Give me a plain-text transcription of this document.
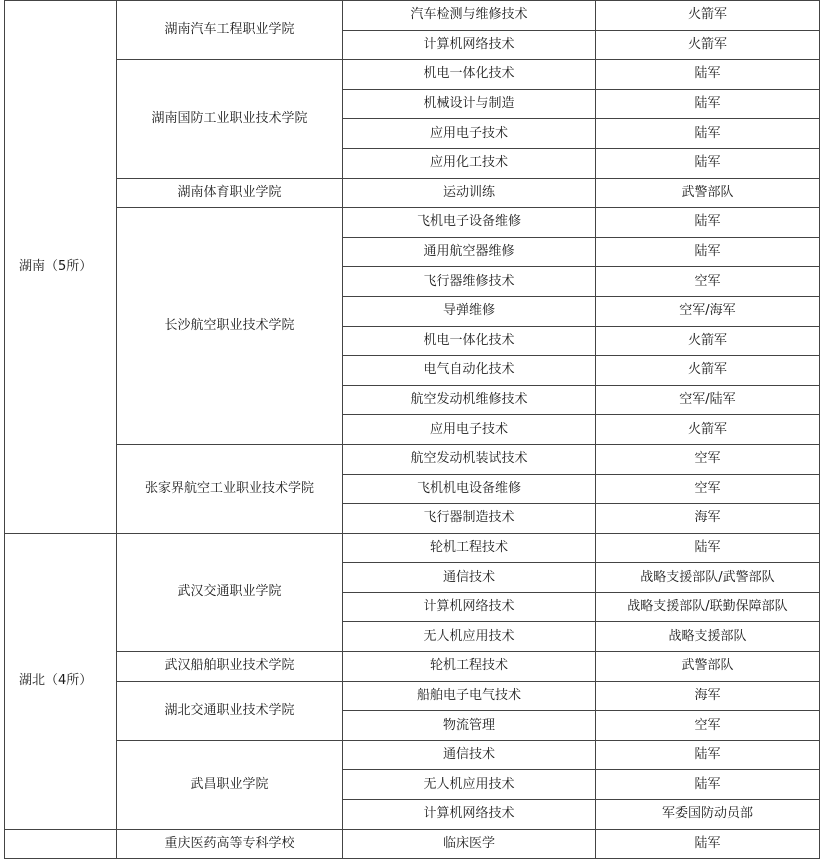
湖南（5所）	湖南汽车工程职业学院	汽车检测与维修技术	火箭军
		计算机网络技术	火箭军
	湖南国防工业职业技术学院	机电一体化技术	陆军
		机械设计与制造	陆军
		应用电子技术	陆军
		应用化工技术	陆军
	湖南体育职业学院	运动训练	武警部队
	长沙航空职业技术学院	飞机电子设备维修	陆军
		通用航空器维修	陆军
		飞行器维修技术	空军
		导弹维修	空军/海军
		机电一体化技术	火箭军
		电气自动化技术	火箭军
		航空发动机维修技术	空军/陆军
		应用电子技术	火箭军
	张家界航空工业职业技术学院	航空发动机装试技术	空军
		飞机机电设备维修	空军
		飞行器制造技术	海军
湖北（4所）	武汉交通职业学院	轮机工程技术	陆军
		通信技术	战略支援部队/武警部队
		计算机网络技术	战略支援部队/联勤保障部队
		无人机应用技术	战略支援部队
	武汉船舶职业技术学院	轮机工程技术	武警部队
	湖北交通职业技术学院	船舶电子电气技术	海军
		物流管理	空军
	武昌职业学院	通信技术	陆军
		无人机应用技术	陆军
		计算机网络技术	军委国防动员部
	重庆医药高等专科学校	临床医学	陆军
